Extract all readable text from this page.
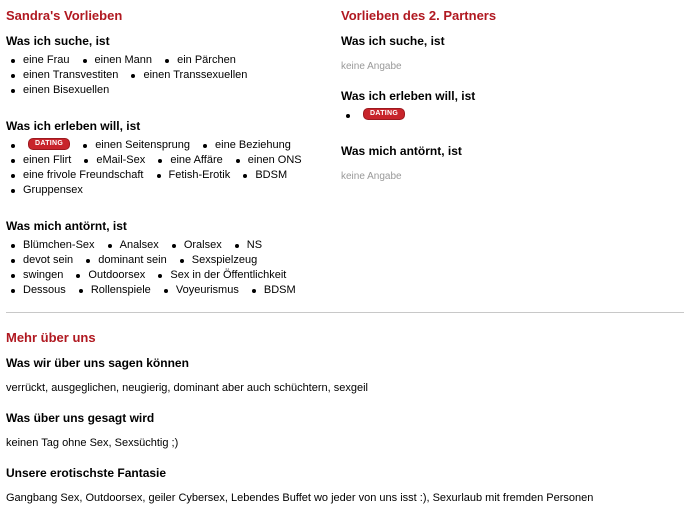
Sandra's Vorlieben
Was ich suche, ist
eine Frau einen Mann ein Pärchen
einen Transvestiten einen Transsexuellen
einen Bisexuellen
Was ich erleben will, ist
DATING	einen Seitensprung eine Beziehung
einen Flirt eMail-Sex eine Affäre einen ONS
eine frivole Freundschaft Fetish-Erotik BDSM
Gruppensex
Was mich antörnt, ist
Blümchen-Sex Analsex Oralsex NS
devot sein dominant sein Sexspielzeug
swingen Outdoorsex Sex in der Öffentlichkeit
Dessous Rollenspiele Voyeurismus BDSM
Vorlieben des 2. Partners
Was ich suche, ist
keine Angabe
Was ich erleben will, ist
DATING
Was mich antörnt, ist
keine Angabe
Mehr über uns
Was wir über uns sagen können
verrückt, ausgeglichen, neugierig, dominant aber auch schüchtern, sexgeil
Was über uns gesagt wird
keinen Tag ohne Sex, Sexsüchtig ;)
Unsere erotischste Fantasie
Gangbang Sex, Outdoorsex, geiler Cybersex, Lebendes Buffet wo jeder von uns isst :), Sexurlaub mit fremden Personen
